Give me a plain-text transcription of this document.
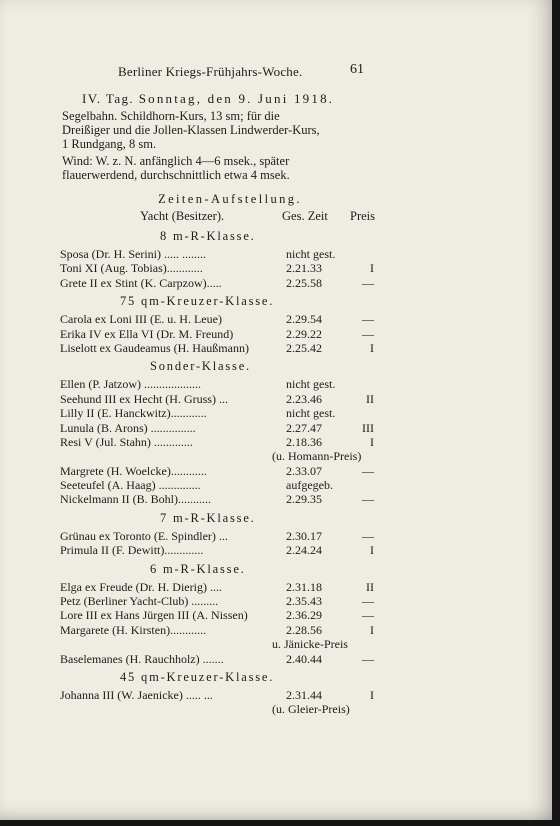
Berliner Kriegs-Frühjahrs-Woche.	61

IV. Tag. Sonntag, den 9. Juni 1918.

Segelbahn. Schildhorn-Kurs, 13 sm; für die

Dreißiger und die Jollen-Klassen Lindwerder-Kurs,

1 Rundgang, 8 sm.

Wind: W. z. N. anfänglich 4—6 msek., später

flauerwerdend, durchschnittlich etwa 4 msek.

Zeiten-Aufstellung.
Yacht (Besitzer).	Ges. Zeit Preis
8 m-R-Klasse.
Sposa (Dr. H. Serini) ..... ........	nicht gest.
Toni XI (Aug. Tobias)............	2.21.33	I
Grete II ex Stint (K. Carpzow).....	2.25.58	—
75 qm-Kreuzer-Klasse.
Carola ex Loni III (E. u. H. Leue)	2.29.54	—
Erika IV ex Ella VI (Dr. M. Freund)	2.29.22	—
Liselott ex Gaudeamus (H. Haußmann)	2.25.42	I
Sonder-Klasse.
Ellen (P. Jatzow) ...................	nicht gest.
Seehund III ex Hecht (H. Gruss) ...	2.23.46	II
Lilly II (E. Hanckwitz)............	nicht gest.
Lunula (B. Arons) ...............	2.27.47	III
Resi V (Jul. Stahn) .............	2.18.36	I
(u. Homann-Preis)
Margrete (H. Woelcke)............	2.33.07	—
Seeteufel (A. Haag) ..............	aufgegeb.
Nickelmann II (B. Bohl)...........	2.29.35	—
7 m-R-Klasse.
Grünau ex Toronto (E. Spindler) ...	2.30.17	—
Primula II (F. Dewitt).............	2.24.24	I
6 m-R-Klasse.
Elga ex Freude (Dr. H. Dierig) ....	2.31.18	II
Petz (Berliner Yacht-Club) .........	2.35.43	—
Lore III ex Hans Jürgen III (A. Nissen)	2.36.29	—
Margarete (H. Kirsten)............	2.28.56	I
u. Jänicke-Preis
Baselemanes (H. Rauchholz) .......	2.40.44	—
45 qm-Kreuzer-Klasse.
Johanna III (W. Jaenicke) ..... ...	2.31.44	I
(u. Gleier-Preis)
